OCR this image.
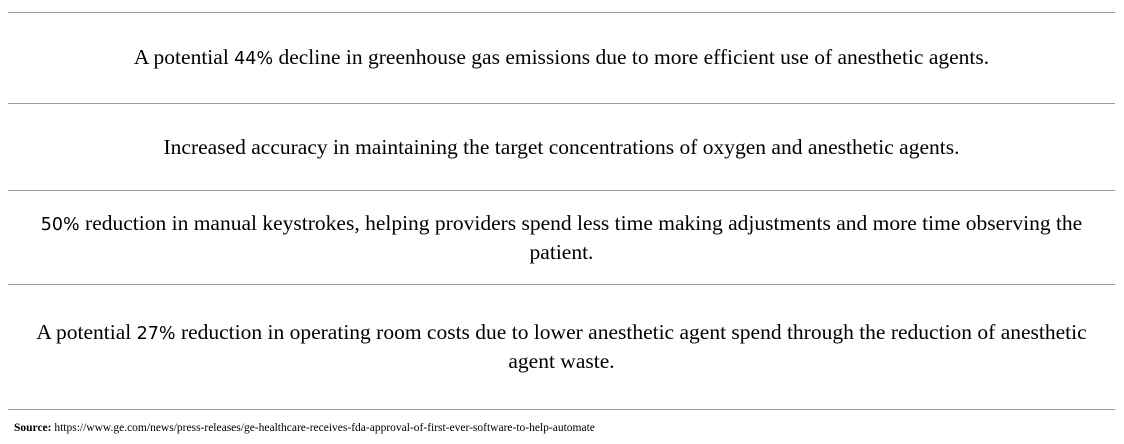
A potential 44% decline in greenhouse gas emissions due to more efficient use of anesthetic agents.

Increased accuracy in maintaining the target concentrations of oxygen and anesthetic agents.

50% reduction in manual keystrokes, helping providers spend less time making adjustments and more time observing the patient.

A potential 27% reduction in operating room costs due to lower anesthetic agent spend through the reduction of anesthetic agent waste.

Source: https://www.ge.com/news/press-releases/ge-healthcare-receives-fda-approval-of-first-ever-software-to-help-automate
